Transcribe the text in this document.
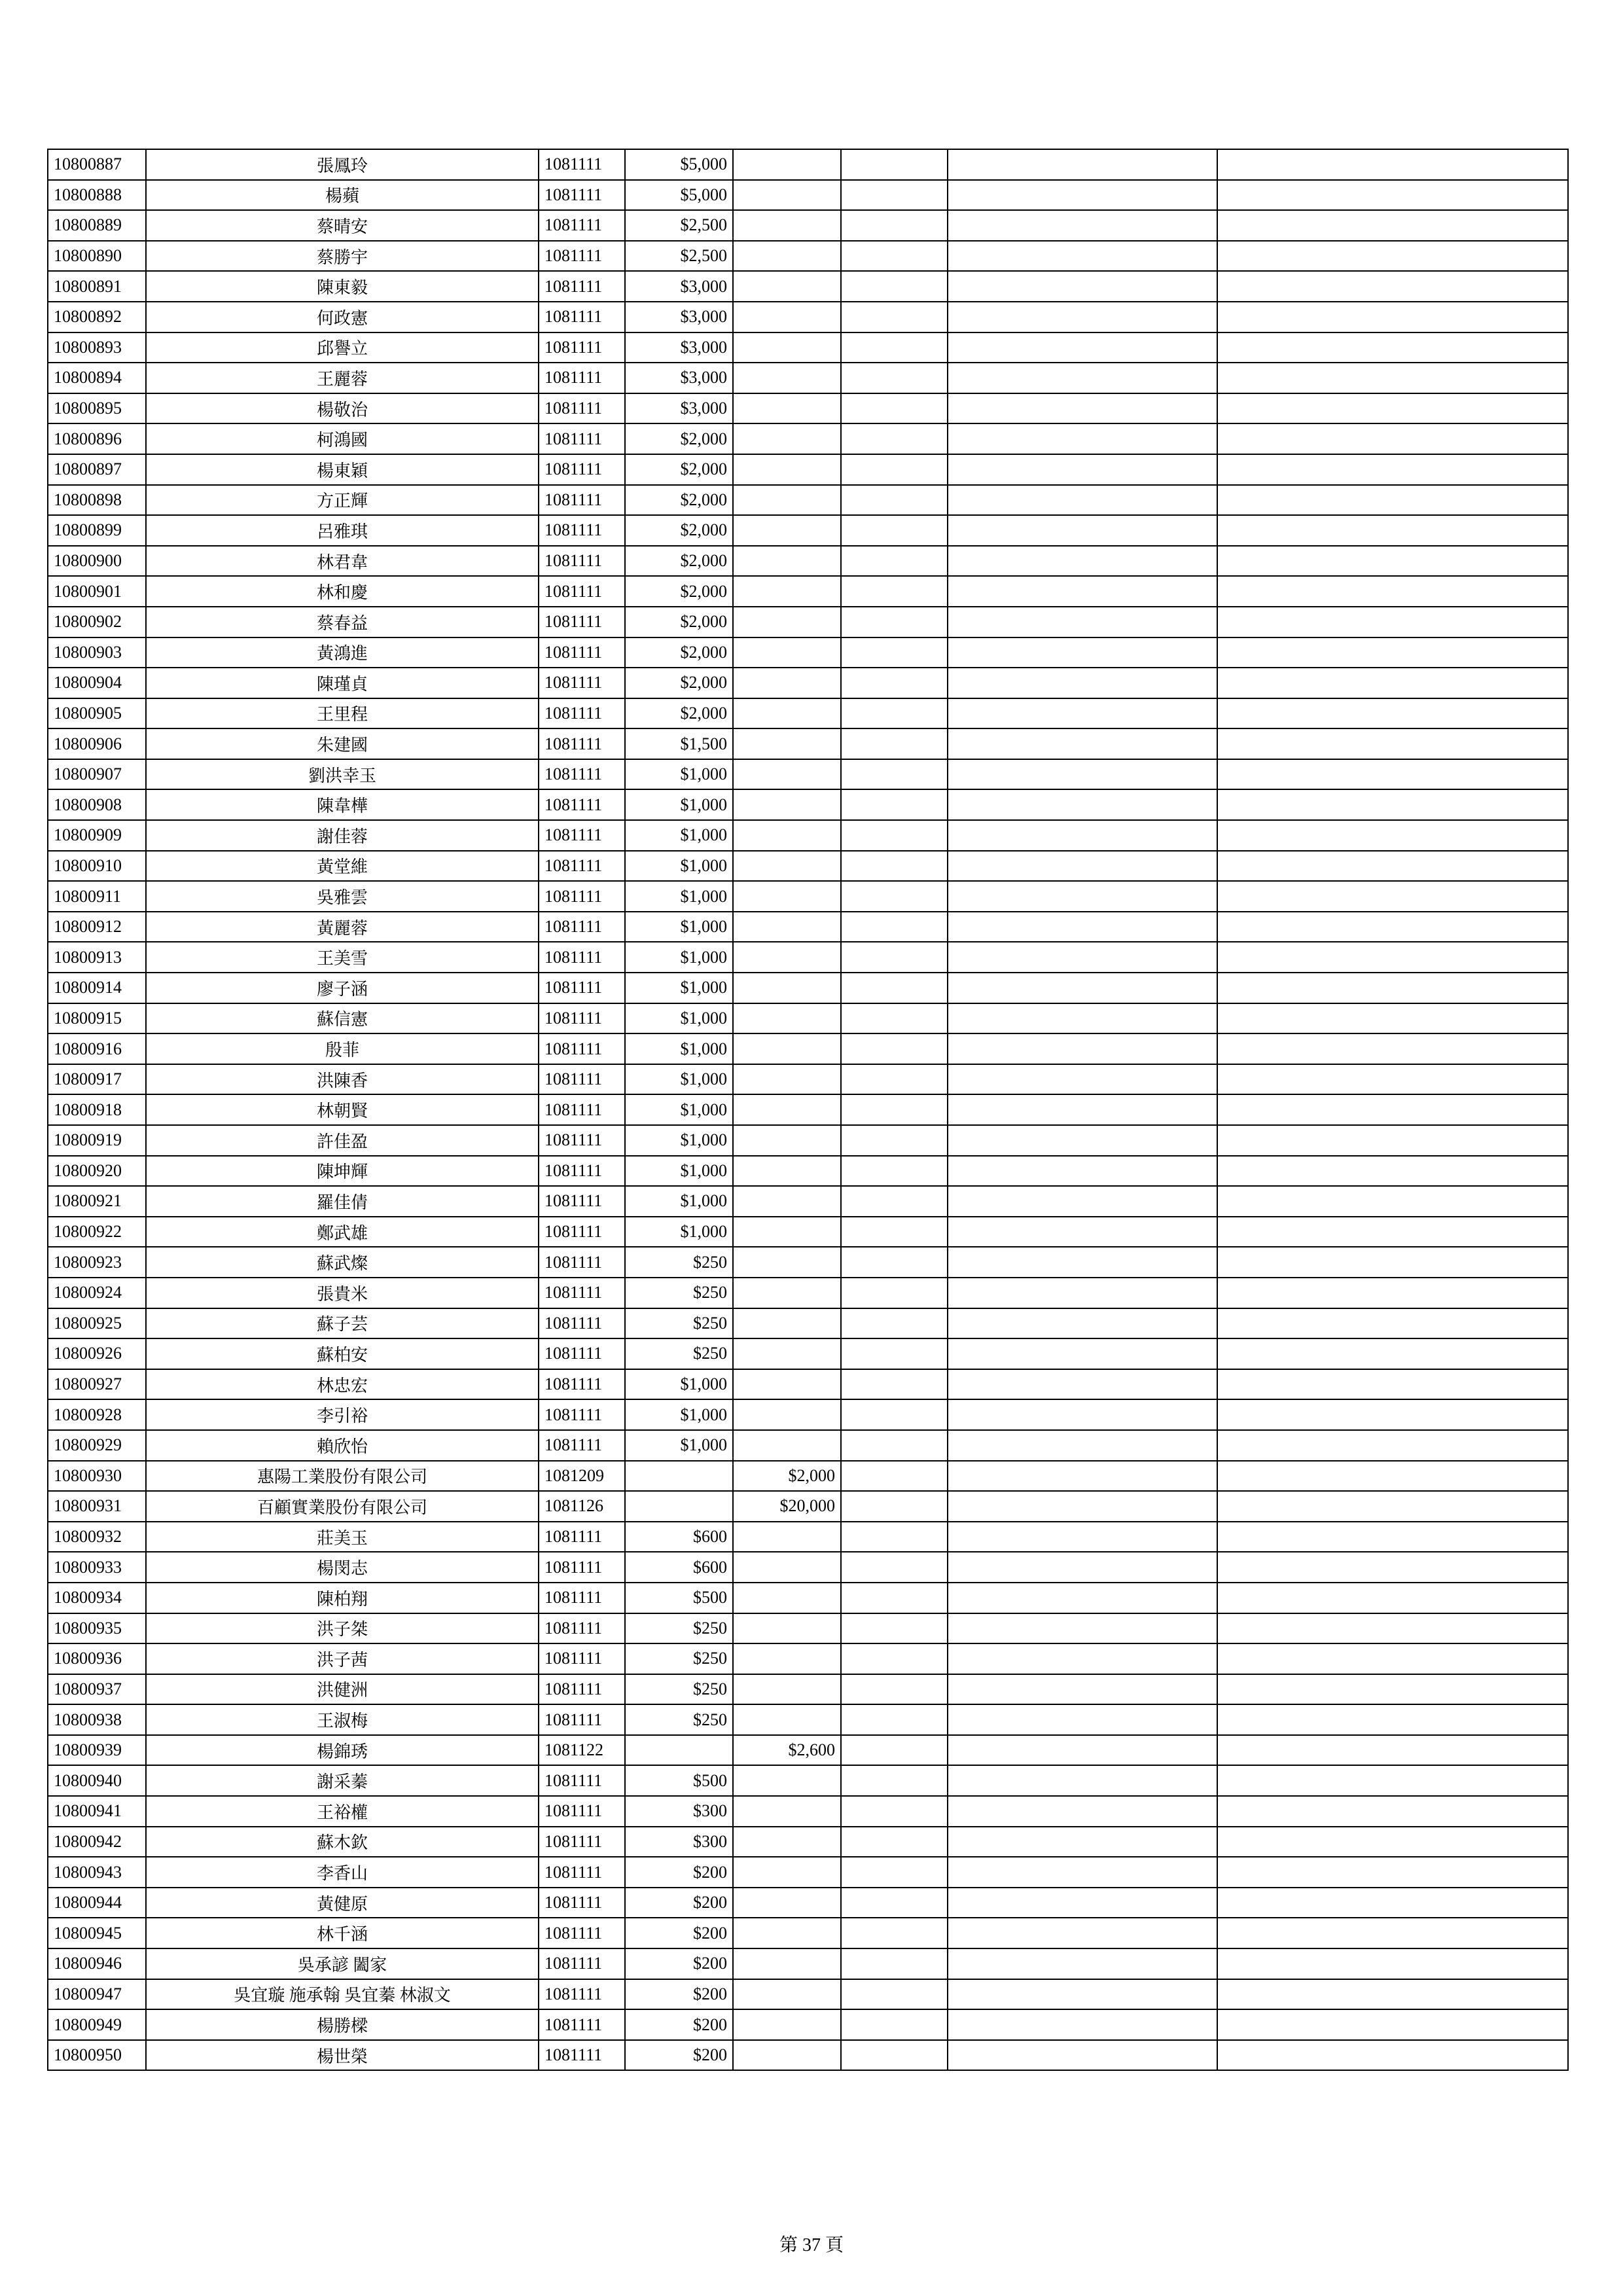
10800887	張鳳玲	1081111	$5,000				
10800888	楊蘋	1081111	$5,000				
10800889	蔡晴安	1081111	$2,500				
10800890	蔡勝宇	1081111	$2,500				
10800891	陳東毅	1081111	$3,000				
10800892	何政憲	1081111	$3,000				
10800893	邱譽立	1081111	$3,000				
10800894	王麗蓉	1081111	$3,000				
10800895	楊敬治	1081111	$3,000				
10800896	柯鴻國	1081111	$2,000				
10800897	楊東穎	1081111	$2,000				
10800898	方正輝	1081111	$2,000				
10800899	呂雅琪	1081111	$2,000				
10800900	林君韋	1081111	$2,000				
10800901	林和慶	1081111	$2,000				
10800902	蔡春益	1081111	$2,000				
10800903	黃鴻進	1081111	$2,000				
10800904	陳瑾貞	1081111	$2,000				
10800905	王里程	1081111	$2,000				
10800906	朱建國	1081111	$1,500				
10800907	劉洪幸玉	1081111	$1,000				
10800908	陳韋樺	1081111	$1,000				
10800909	謝佳蓉	1081111	$1,000				
10800910	黃堂維	1081111	$1,000				
10800911	吳雅雲	1081111	$1,000				
10800912	黃麗蓉	1081111	$1,000				
10800913	王美雪	1081111	$1,000				
10800914	廖子涵	1081111	$1,000				
10800915	蘇信憲	1081111	$1,000				
10800916	殷菲	1081111	$1,000				
10800917	洪陳香	1081111	$1,000				
10800918	林朝賢	1081111	$1,000				
10800919	許佳盈	1081111	$1,000				
10800920	陳坤輝	1081111	$1,000				
10800921	羅佳倩	1081111	$1,000				
10800922	鄭武雄	1081111	$1,000				
10800923	蘇武燦	1081111	$250				
10800924	張貴米	1081111	$250				
10800925	蘇子芸	1081111	$250				
10800926	蘇柏安	1081111	$250				
10800927	林忠宏	1081111	$1,000				
10800928	李引裕	1081111	$1,000				
10800929	賴欣怡	1081111	$1,000				
10800930	惠陽工業股份有限公司	1081209		$2,000			
10800931	百顧實業股份有限公司	1081126		$20,000			
10800932	莊美玉	1081111	$600				
10800933	楊閔志	1081111	$600				
10800934	陳柏翔	1081111	$500				
10800935	洪子桀	1081111	$250				
10800936	洪子茜	1081111	$250				
10800937	洪健洲	1081111	$250				
10800938	王淑梅	1081111	$250				
10800939	楊錦琇	1081122		$2,600			
10800940	謝采蓁	1081111	$500				
10800941	王裕權	1081111	$300				
10800942	蘇木欽	1081111	$300				
10800943	李香山	1081111	$200				
10800944	黃健原	1081111	$200				
10800945	林千涵	1081111	$200				
10800946	吳承諺 闔家	1081111	$200				
10800947	吳宜璇 施承翰 吳宜蓁 林淑文	1081111	$200				
10800949	楊勝樑	1081111	$200				
10800950	楊世榮	1081111	$200				
第 37 頁
